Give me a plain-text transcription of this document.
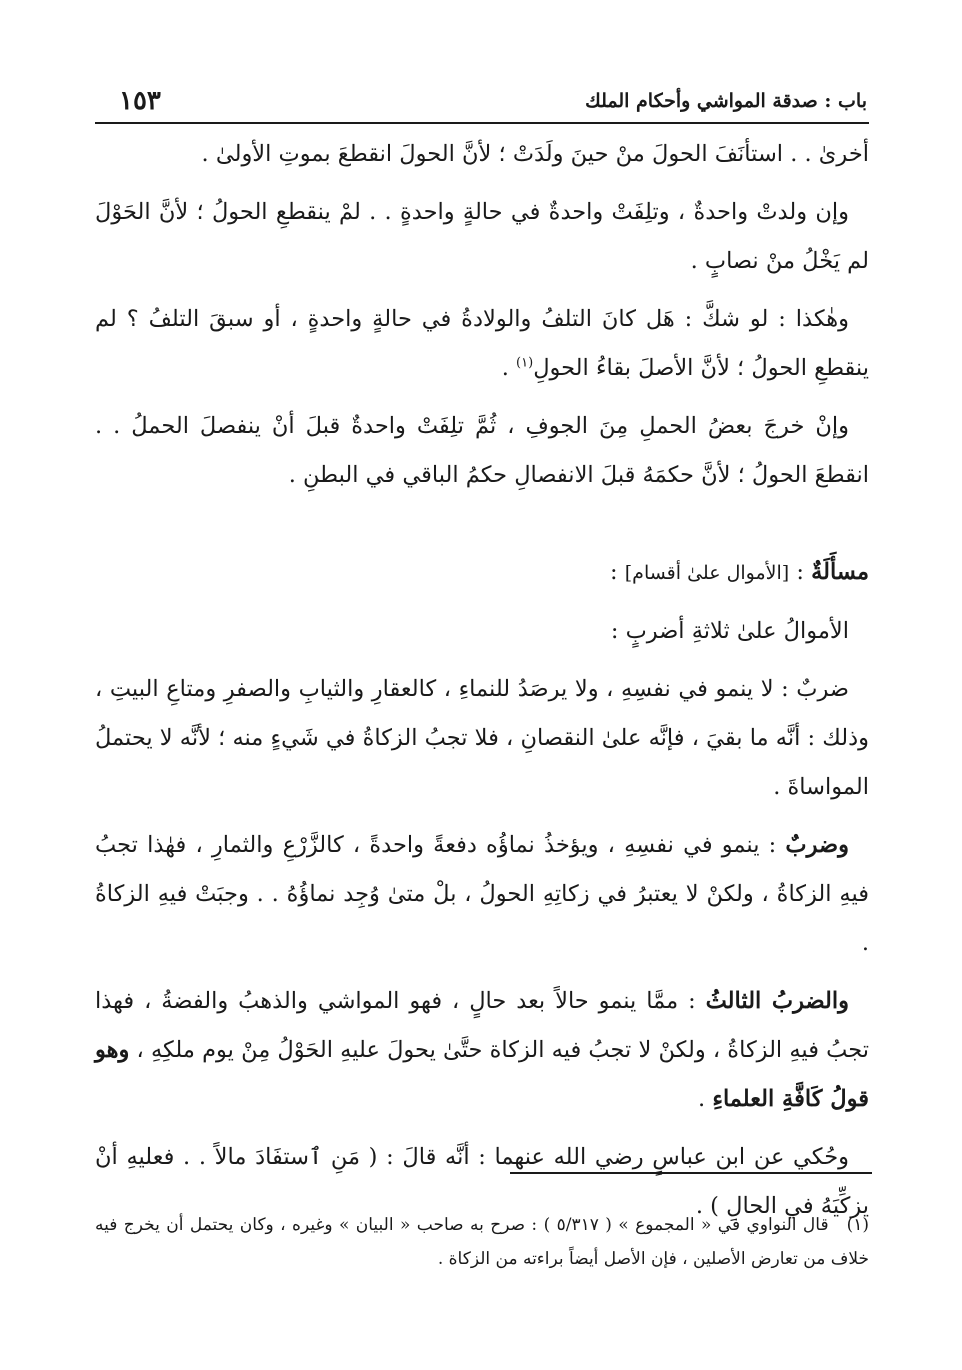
باب : صدقة المواشي وأحكام الملك
١٥٣

أخرىٰ . . استأنَفَ الحولَ منْ حينَ ولَدَتْ ؛ لأنَّ الحولَ انقطعَ بموتِ الأولىٰ .

وإن ولدتْ واحدةٌ ، وتلِفَتْ واحدةٌ في حالةٍ واحدةٍ . . لمْ ينقطعِ الحولُ ؛ لأنَّ الحَوْلَ لم يَخْلُ منْ نصابٍ .

وهٰكذا : لو شكَّ : هَل كانَ التلفُ والولادةُ في حالةٍ واحدةٍ ، أو سبقَ التلفُ ؟ لم ينقطعِ الحولُ ؛ لأنَّ الأصلَ بقاءُ الحولِ$^{(١)}$ .

وإنْ خرجَ بعضُ الحملِ مِنَ الجوفِ ، ثُمَّ تلِفَتْ واحدةٌ قبلَ أنْ ينفصلَ الحملُ . . انقطعَ الحولُ ؛ لأنَّ حكمَهُ قبلَ الانفصالِ حكمُ الباقي في البطنِ .

مسأَلَةٌ : [الأموال علىٰ أقسام] :

الأموالُ علىٰ ثلاثةِ أضربٍ :

ضربٌ : لا ينمو في نفسِهِ ، ولا يرصَدُ للنماءِ ، كالعقارِ والثيابِ والصفرِ ومتاعِ البيتِ ، وذلك : أنَّه ما بقيَ ، فإنَّه علىٰ النقصانِ ، فلا تجبُ الزكاةُ في شَيءٍ منه ؛ لأنَّه لا يحتملُ المواساةَ .

وضربٌ : ينمو في نفسِهِ ، ويؤخذُ نماؤُه دفعةً واحدةً ، كالزَّرْعِ والثمارِ ، فهٰذا تجبُ فيهِ الزكاةُ ، ولكنْ لا يعتبرُ في زكاتِهِ الحولُ ، بلْ متىٰ وُجِد نماؤُهُ . . وجبَتْ فيهِ الزكاةُ .

والضربُ الثالثُ : ممَّا ينمو حالاً بعد حالٍ ، فهو المواشي والذهبُ والفضةُ ، فهذا تجبُ فيهِ الزكاةُ ، ولكنْ لا تجبُ فيه الزكاة حتَّىٰ يحولَ عليهِ الحَوْلُ مِنْ يوم ملكِهِ ، وهو قولُ كَافَّةِ العلماءِ .

وحُكي عن ابن عباسٍ رضي الله عنهما : أنَّه قالَ : ( مَنِ ٱستفَادَ مالاً . . فعليهِ أنْ يزكِّيَهُ في الحالِ ) .

(١)قال النواوي في « المجموع » ( ٥/٣١٧ ) : صرح به صاحب « البيان » وغيره ، وكان يحتمل أن يخرج فيه خلاف من تعارض الأصلين ، فإن الأصل أيضاً براءته من الزكاة .
